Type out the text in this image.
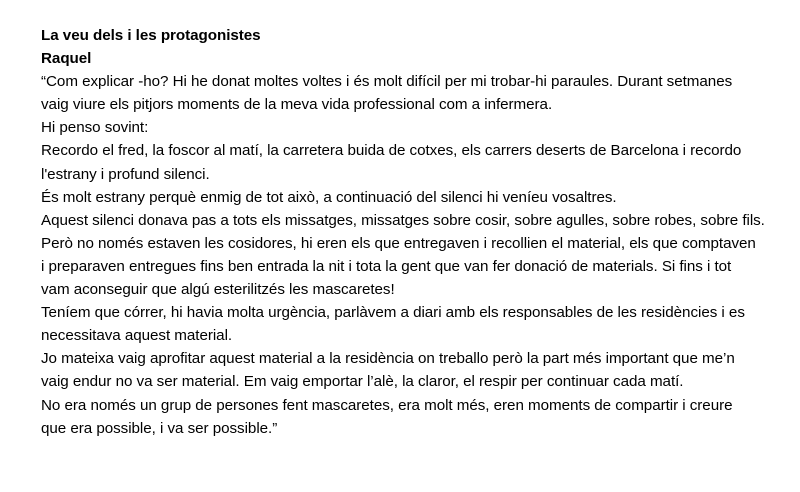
La veu dels i les protagonistes
Raquel
“Com explicar -ho? Hi he donat moltes voltes i és molt difícil per mi trobar-hi paraules. Durant setmanes
vaig viure els pitjors moments de la meva vida professional com a infermera.
Hi penso sovint:
Recordo el fred, la foscor al matí, la carretera buida de cotxes, els carrers deserts de Barcelona i recordo
l'estrany i profund silenci.
És molt estrany perquè enmig de tot això, a continuació del silenci hi veníeu vosaltres.
Aquest silenci donava pas a tots els missatges, missatges sobre cosir, sobre agulles, sobre robes, sobre fils.
Però no només estaven les cosidores, hi eren els que entregaven i recollien el material, els que comptaven
i preparaven entregues fins ben entrada la nit i tota la gent que van fer donació de materials. Si fins i tot
vam aconseguir que algú esterilitzés les mascaretes!
Teníem que córrer, hi havia molta urgència, parlàvem a diari amb els responsables de les residències i es
necessitava aquest material.
Jo mateixa vaig aprofitar aquest material a la residència on treballo però la part més important que me’n
vaig endur no va ser material. Em vaig emportar l’alè, la claror, el respir per continuar cada matí.
No era només un grup de persones fent mascaretes, era molt més, eren moments de compartir i creure
que era possible, i va ser possible.”
